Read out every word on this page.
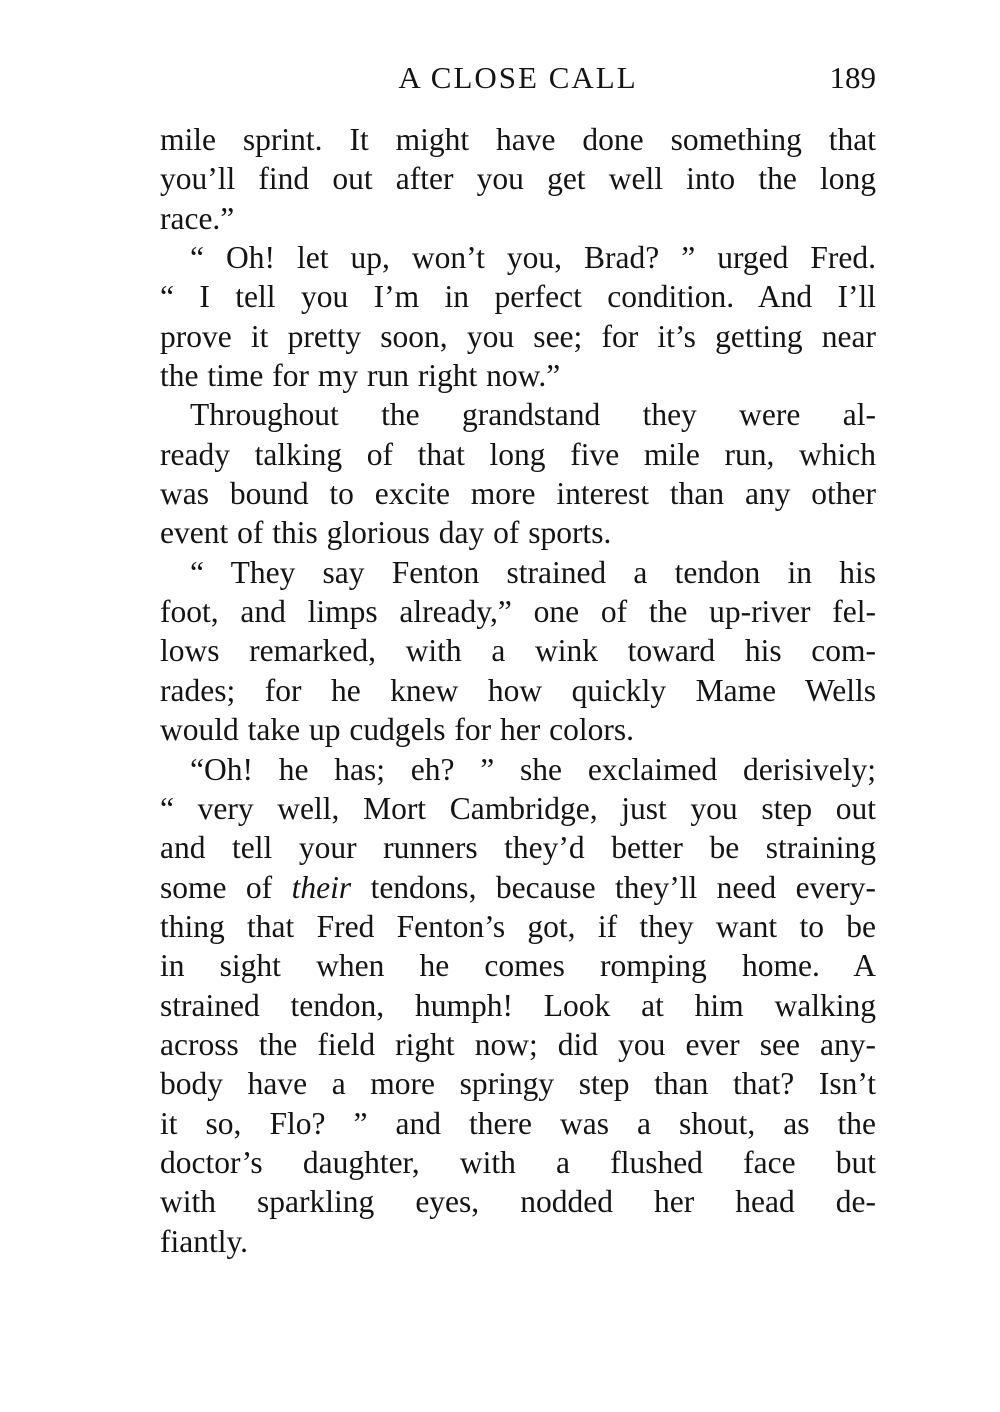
A CLOSE CALL	189

mile sprint. It might have done something that
you’ll find out after you get well into the long
race.”

“ Oh! let up, won’t you, Brad? ” urged Fred.
“ I tell you I’m in perfect condition. And I’ll
prove it pretty soon, you see; for it’s getting near
the time for my run right now.”

Throughout the grandstand they were al-
ready talking of that long five mile run, which
was bound to excite more interest than any other
event of this glorious day of sports.

“ They say Fenton strained a tendon in his
foot, and limps already,” one of the up-river fel-
lows remarked, with a wink toward his com-
rades; for he knew how quickly Mame Wells
would take up cudgels for her colors.

“Oh! he has; eh? ” she exclaimed derisively;
“ very well, Mort Cambridge, just you step out
and tell your runners they’d better be straining
some of their tendons, because they’ll need every-
thing that Fred Fenton’s got, if they want to be
in sight when he comes romping home. A
strained tendon, humph! Look at him walking
across the field right now; did you ever see any-
body have a more springy step than that? Isn’t
it so, Flo? ” and there was a shout, as the
doctor’s daughter, with a flushed face but
with sparkling eyes, nodded her head de-
fiantly.
